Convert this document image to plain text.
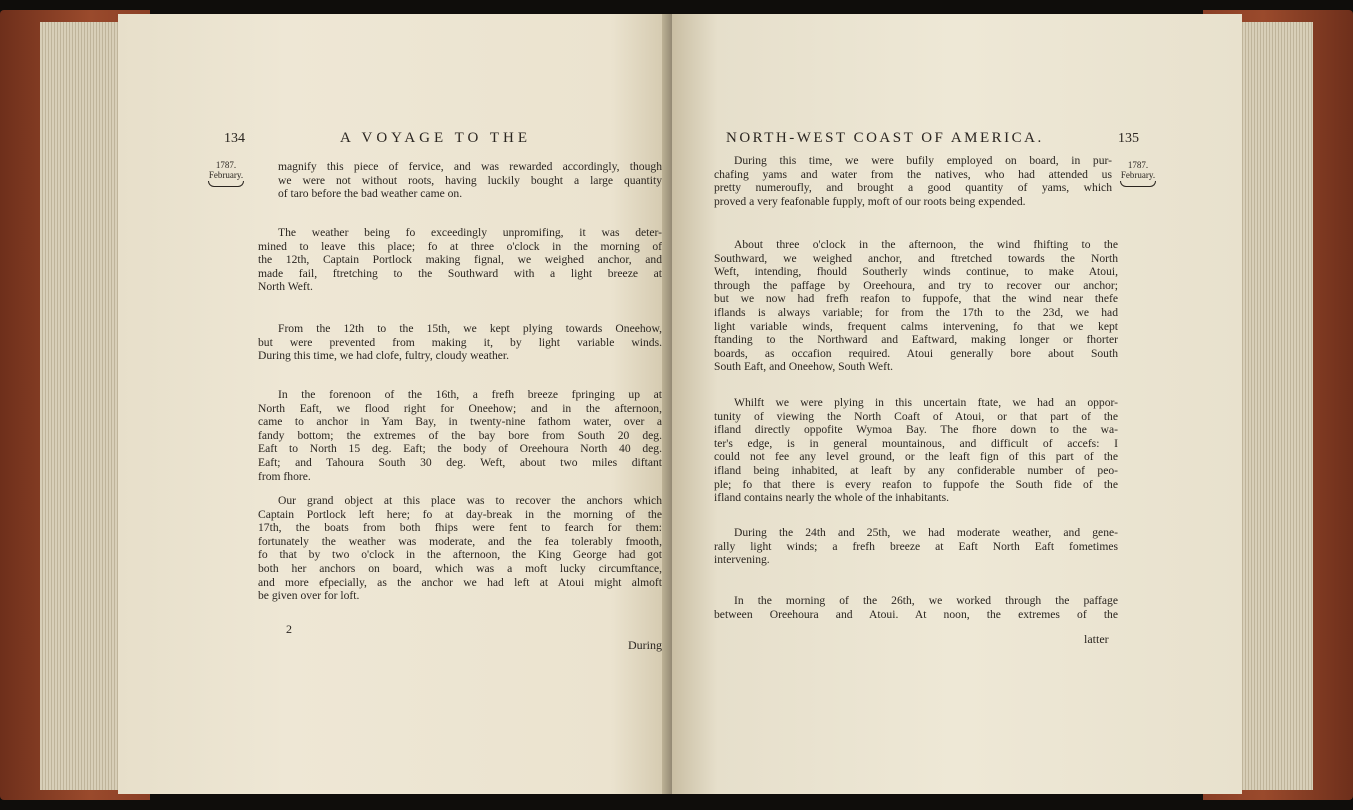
134	A VOYAGE TO THE
1787.
February.
magnify this piece of fervice, and was rewarded accordingly, though
we were not without roots, having luckily bought a large quantity
of taro before the bad weather came on.
The weather being fo exceedingly unpromifing, it was deter-
mined to leave this place; fo at three o'clock in the morning of
the 12th, Captain Portlock making fignal, we weighed anchor, and
made fail, ftretching to the Southward with a light breeze at
North Weft.
From the 12th to the 15th, we kept plying towards Oneehow,
but were prevented from making it, by light variable winds.
During this time, we had clofe, fultry, cloudy weather.
In the forenoon of the 16th, a frefh breeze fpringing up at
North Eaft, we flood right for Oneehow; and in the afternoon,
came to anchor in Yam Bay, in twenty-nine fathom water, over a
fandy bottom; the extremes of the bay bore from South 20 deg.
Eaft to North 15 deg. Eaft; the body of Oreehoura North 40 deg.
Eaft; and Tahoura South 30 deg. Weft, about two miles diftant
from fhore.
Our grand object at this place was to recover the anchors which
Captain Portlock left here; fo at day-break in the morning of the
17th, the boats from both fhips were fent to fearch for them:
fortunately the weather was moderate, and the fea tolerably fmooth,
fo that by two o'clock in the afternoon, the King George had got
both her anchors on board, which was a moft lucky circumftance,
and more efpecially, as the anchor we had left at Atoui might almoft
be given over for loft.
2
During
NORTH-WEST COAST OF AMERICA.	135
1787.
February.
During this time, we were bufily employed on board, in pur-
chafing yams and water from the natives, who had attended us
pretty numeroufly, and brought a good quantity of yams, which
proved a very feafonable fupply, moft of our roots being expended.
About three o'clock in the afternoon, the wind fhifting to the
Southward, we weighed anchor, and ftretched towards the North
Weft, intending, fhould Southerly winds continue, to make Atoui,
through the paffage by Oreehoura, and try to recover our anchor;
but we now had frefh reafon to fuppofe, that the wind near thefe
iflands is always variable; for from the 17th to the 23d, we had
light variable winds, frequent calms intervening, fo that we kept
ftanding to the Northward and Eaftward, making longer or fhorter
boards, as occafion required. Atoui generally bore about South
South Eaft, and Oneehow, South Weft.
Whilft we were plying in this uncertain ftate, we had an oppor-
tunity of viewing the North Coaft of Atoui, or that part of the
ifland directly oppofite Wymoa Bay. The fhore down to the wa-
ter's edge, is in general mountainous, and difficult of accefs: I
could not fee any level ground, or the leaft fign of this part of the
ifland being inhabited, at leaft by any confiderable number of peo-
ple; fo that there is every reafon to fuppofe the South fide of the
ifland contains nearly the whole of the inhabitants.
During the 24th and 25th, we had moderate weather, and gene-
rally light winds; a frefh breeze at Eaft North Eaft fometimes
intervening.
In the morning of the 26th, we worked through the paffage
between Oreehoura and Atoui. At noon, the extremes of the
latter
